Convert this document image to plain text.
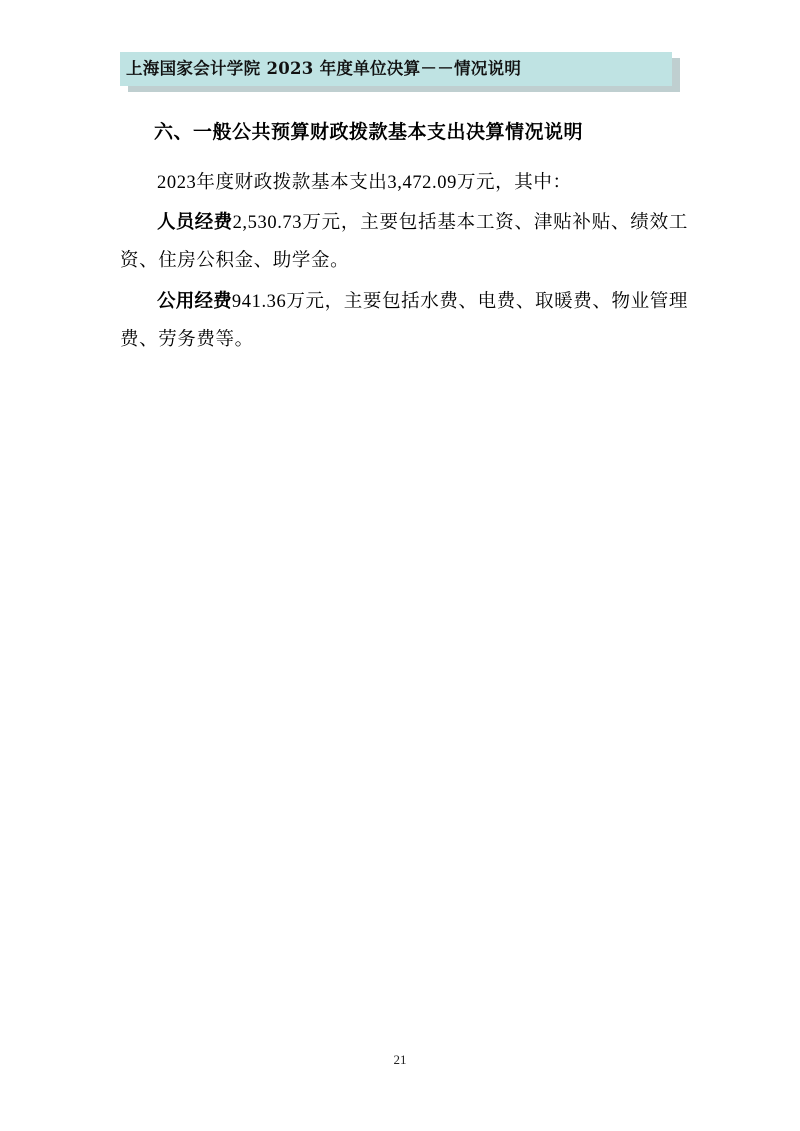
上海国家会计学院 2023 年度单位决算－－情况说明
六、一般公共预算财政拨款基本支出决算情况说明

2023年度财政拨款基本支出3,472.09万元，其中：

人员经费2,530.73万元，主要包括基本工资、津贴补贴、绩效工资、住房公积金、助学金。

公用经费941.36万元，主要包括水费、电费、取暖费、物业管理费、劳务费等。

21
